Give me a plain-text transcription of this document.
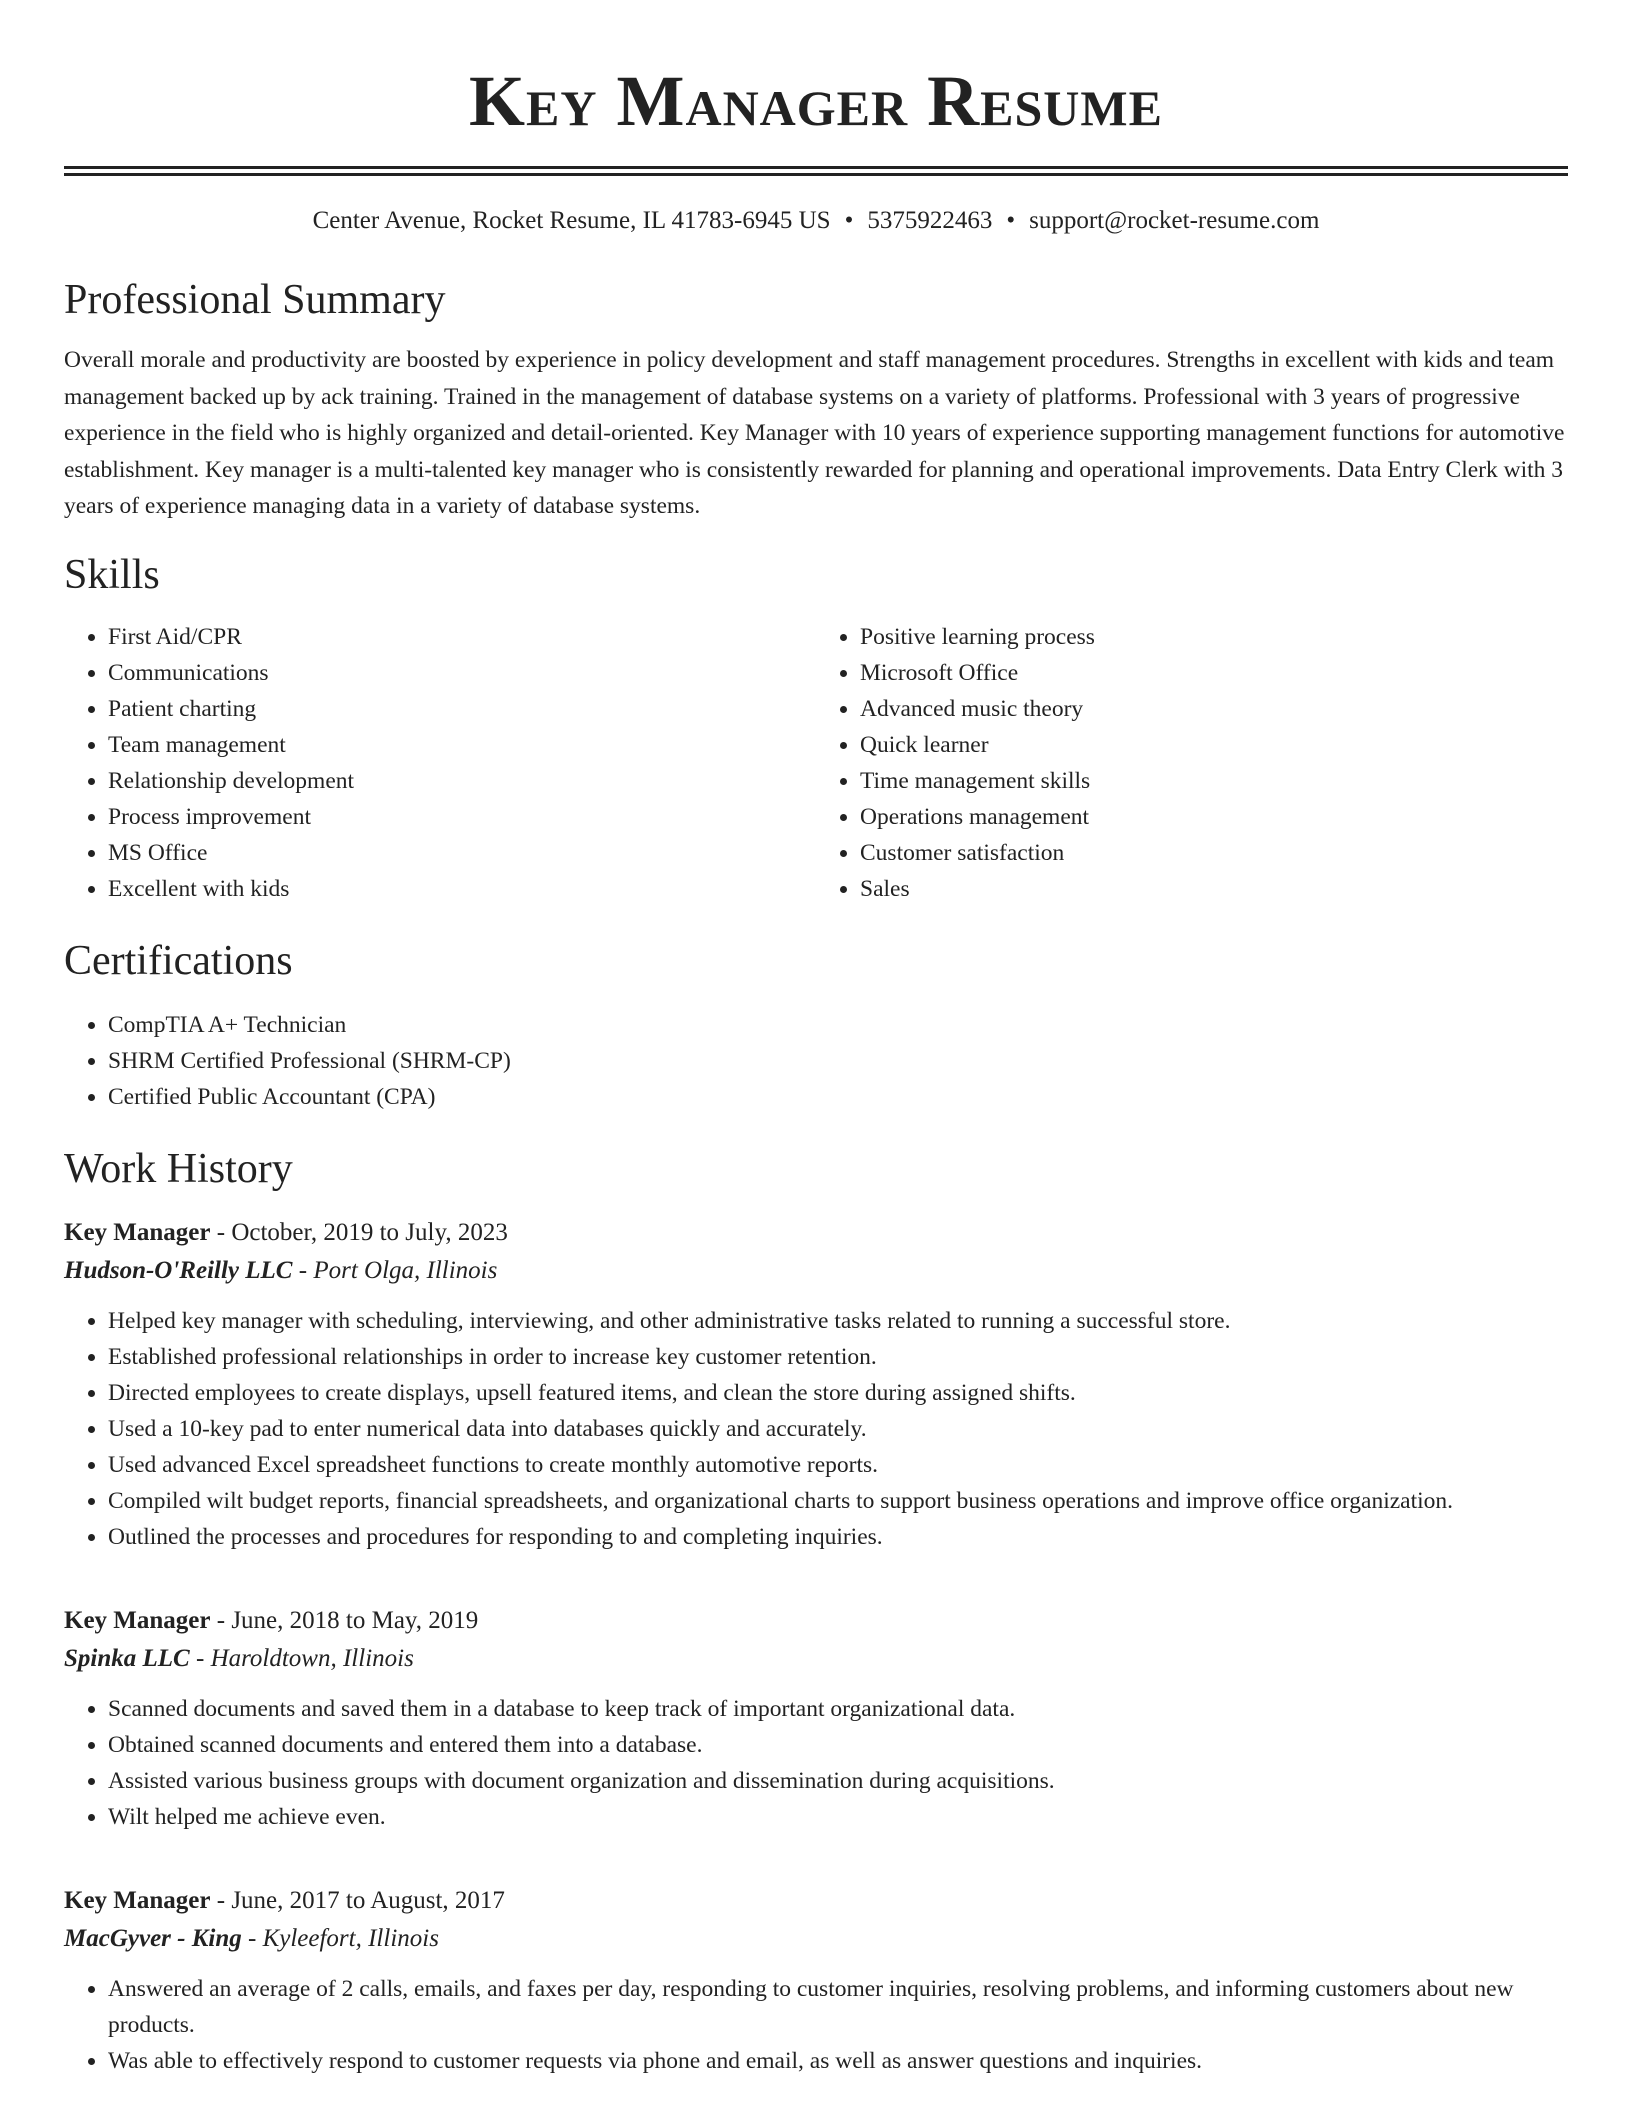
Key Manager Resume
Center Avenue, Rocket Resume, IL 41783-6945 US • 5375922463 • support@rocket-resume.com
Professional Summary
Overall morale and productivity are boosted by experience in policy development and staff management procedures. Strengths in excellent with kids and team management backed up by ack training. Trained in the management of database systems on a variety of platforms. Professional with 3 years of progressive experience in the field who is highly organized and detail-oriented. Key Manager with 10 years of experience supporting management functions for automotive establishment. Key manager is a multi-talented key manager who is consistently rewarded for planning and operational improvements. Data Entry Clerk with 3 years of experience managing data in a variety of database systems.
Skills
• First Aid/CPR
• Communications
• Patient charting
• Team management
• Relationship development
• Process improvement
• MS Office
• Excellent with kids
• Positive learning process
• Microsoft Office
• Advanced music theory
• Quick learner
• Time management skills
• Operations management
• Customer satisfaction
• Sales
Certifications
• CompTIA A+ Technician
• SHRM Certified Professional (SHRM-CP)
• Certified Public Accountant (CPA)
Work History
Key Manager - October, 2019 to July, 2023
Hudson-O'Reilly LLC - Port Olga, Illinois
• Helped key manager with scheduling, interviewing, and other administrative tasks related to running a successful store.
• Established professional relationships in order to increase key customer retention.
• Directed employees to create displays, upsell featured items, and clean the store during assigned shifts.
• Used a 10-key pad to enter numerical data into databases quickly and accurately.
• Used advanced Excel spreadsheet functions to create monthly automotive reports.
• Compiled wilt budget reports, financial spreadsheets, and organizational charts to support business operations and improve office organization.
• Outlined the processes and procedures for responding to and completing inquiries.
Key Manager - June, 2018 to May, 2019
Spinka LLC - Haroldtown, Illinois
• Scanned documents and saved them in a database to keep track of important organizational data.
• Obtained scanned documents and entered them into a database.
• Assisted various business groups with document organization and dissemination during acquisitions.
• Wilt helped me achieve even.
Key Manager - June, 2017 to August, 2017
MacGyver - King - Kyleefort, Illinois
• Answered an average of 2 calls, emails, and faxes per day, responding to customer inquiries, resolving problems, and informing customers about new products.
• Was able to effectively respond to customer requests via phone and email, as well as answer questions and inquiries.
